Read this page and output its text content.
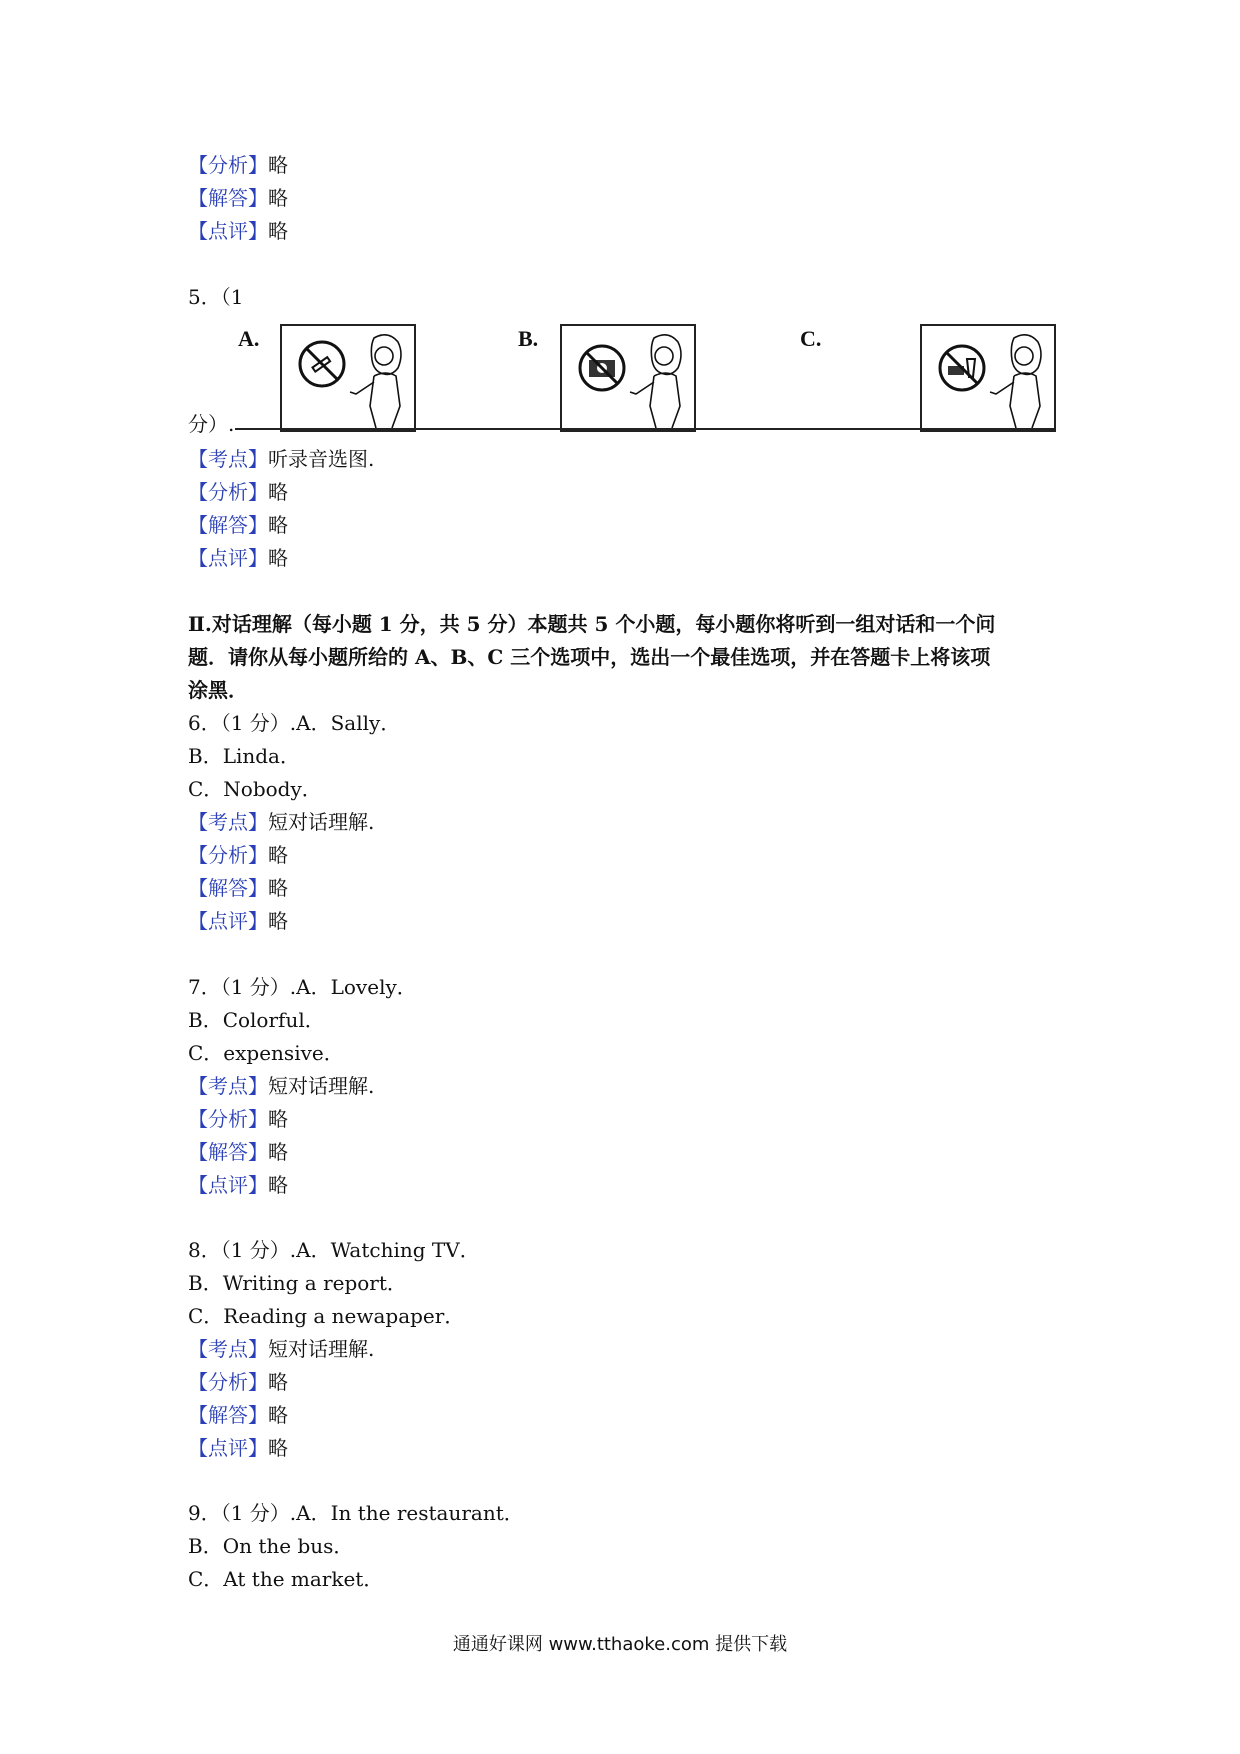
【分析】略
【解答】略
【点评】略
5．（1
A.	B.	C.
分）.
【考点】听录音选图.
【分析】略
【解答】略
【点评】略
Ⅱ.对话理解（每小题 1 分，共 5 分）本题共 5 个小题，每小题你将听到一组对话和一个问
题．请你从每小题所给的 A、B、C 三个选项中，选出一个最佳选项，并在答题卡上将该项
涂黑．
6．（1 分）.A．Sally．
B．Linda．
C．Nobody．
【考点】短对话理解.
【分析】略
【解答】略
【点评】略
7．（1 分）.A．Lovely．
B．Colorful．
C．expensive．
【考点】短对话理解.
【分析】略
【解答】略
【点评】略
8．（1 分）.A．Watching TV．
B．Writing a report．
C．Reading a newapaper．
【考点】短对话理解.
【分析】略
【解答】略
【点评】略
9．（1 分）.A．In the restaurant．
B．On the bus．
C．At the market．
通通好课网 www.tthaoke.com 提供下载
